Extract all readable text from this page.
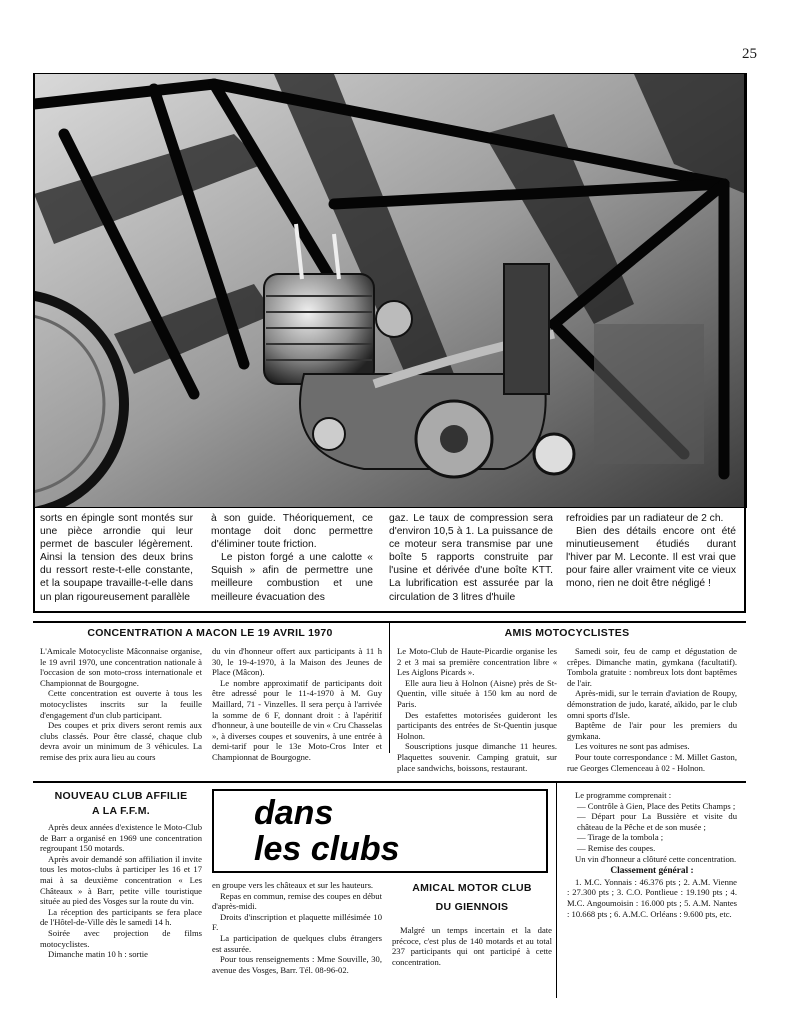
25

sorts en épingle sont montés sur une pièce arrondie qui leur permet de basculer légèrement. Ainsi la tension des deux brins du ressort reste-t-elle constante, et la soupape travaille-t-elle dans un plan rigoureusement parallèle

à son guide. Théoriquement, ce montage doit donc permettre d'éliminer toute friction.

Le piston forgé a une calotte « Squish » afin de permettre une meilleure combustion et une meilleure évacuation des

gaz. Le taux de compression sera d'environ 10,5 à 1. La puissance de ce moteur sera transmise par une boîte 5 rapports construite par l'usine et dérivée d'une boîte KTT. La lubrification est assurée par la circulation de 3 litres d'huile

refroidies par un radiateur de 2 ch.

Bien des détails encore ont été minutieusement étudiés durant l'hiver par M. Leconte. Il est vrai que pour faire aller vraiment vite ce vieux mono, rien ne doit être négligé !

CONCENTRATION A MACON LE 19 AVRIL 1970

L'Amicale Motocycliste Mâconnaise organise, le 19 avril 1970, une concentration nationale à l'occasion de son moto-cross internationale et Championnat de Bourgogne.

Cette concentration est ouverte à tous les motocyclistes inscrits sur la feuille d'engagement d'un club participant.

Des coupes et prix divers seront remis aux clubs classés. Pour être classé, chaque club devra avoir un minimum de 3 véhicules. La remise des prix aura lieu au cours

du vin d'honneur offert aux participants à 11 h 30, le 19-4-1970, à la Maison des Jeunes de Place (Mâcon).

Le nombre approximatif de participants doit être adressé pour le 11-4-1970 à M. Guy Maillard, 71 - Vinzelles. Il sera perçu à l'arrivée la somme de 6 F, donnant droit : à l'apéritif d'honneur, à une bouteille de vin « Cru Chasselas », à diverses coupes et souvenirs, à une entrée à demi-tarif pour le 13e Moto-Cros Inter et Championnat de Bourgogne.

AMIS MOTOCYCLISTES

Le Moto-Club de Haute-Picardie organise les 2 et 3 mai sa première concentration libre « Les Aiglons Picards ».

Elle aura lieu à Holnon (Aisne) près de St-Quentin, ville située à 150 km au nord de Paris.

Des estafettes motorisées guideront les participants des entrées de St-Quentin jusque Holnon.

Souscriptions jusque dimanche 11 heures. Plaquettes souvenir. Camping gratuit, sur place sandwichs, boissons, restaurant.

Samedi soir, feu de camp et dégustation de crêpes. Dimanche matin, gymkana (facultatif). Tombola gratuite : nombreux lots dont baptêmes de l'air.

Après-midi, sur le terrain d'aviation de Roupy, démonstration de judo, karaté, aïkido, par le club omni sports d'Isle.

Baptême de l'air pour les premiers du gymkana.

Les voitures ne sont pas admises.

Pour toute correspondance : M. Millet Gaston, rue Georges Clemenceau à 02 - Holnon.

NOUVEAU CLUB AFFILIE
A LA F.F.M.

Après deux années d'existence le Moto-Club de Barr a organisé en 1969 une concentration regroupant 150 motards.

Après avoir demandé son affiliation il invite tous les motos-clubs à participer les 16 et 17 mai à sa deuxième concentration « Les Châteaux » à Barr, petite ville touristique située au pied des Vosges sur la route du vin.

La réception des participants se fera place de l'Hôtel-de-Ville dès le samedi 14 h.

Soirée avec projection de films motocyclistes.

Dimanche matin 10 h : sortie

en groupe vers les châteaux et sur les hauteurs.

Repas en commun, remise des coupes en début d'après-midi.

Droits d'inscription et plaquette millésimée 10 F.

La participation de quelques clubs étrangers est assurée.

Pour tous renseignements : Mme Souville, 30, avenue des Vosges, Barr. Tél. 08-96-02.

dans
les clubs
AMICAL MOTOR CLUB
DU GIENNOIS

Malgré un temps incertain et la date précoce, c'est plus de 140 motards et au total 237 participants qui ont participé à cette concentration.

Le programme comprenait :

— Contrôle à Gien, Place des Petits Champs ;

— Départ pour La Bussière et visite du château de la Pêche et de son musée ;

— Tirage de la tombola ;

— Remise des coupes.

Un vin d'honneur a clôturé cette concentration.

Classement général :

1. M.C. Yonnais : 46.376 pts ; 2. A.M. Vienne : 27.300 pts ; 3. C.O. Pontlieue : 19.190 pts ; 4. M.C. Angoumoisin : 16.000 pts ; 5. A.M. Nantes : 10.668 pts ; 6. A.M.C. Orléans : 9.600 pts, etc.
